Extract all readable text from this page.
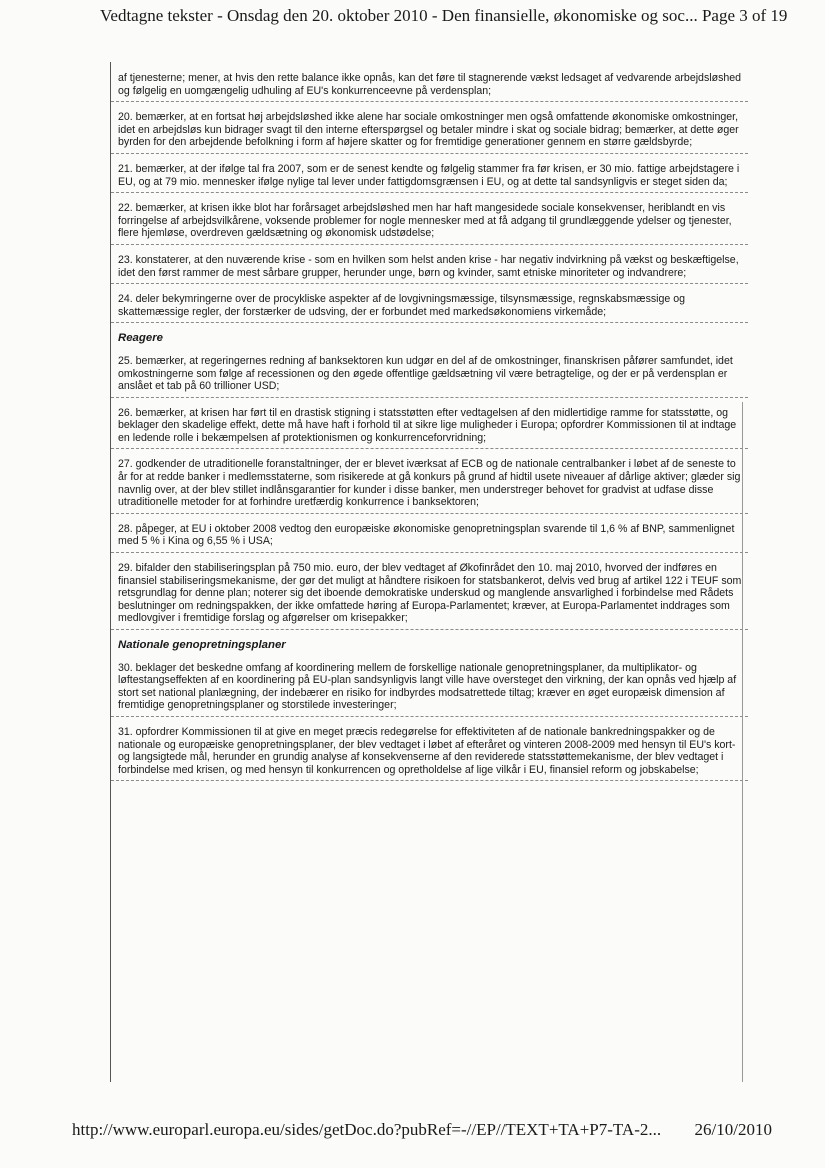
Vedtagne tekster - Onsdag den 20. oktober 2010 - Den finansielle, økonomiske og soc... Page 3 of 19
af tjenesterne; mener, at hvis den rette balance ikke opnås, kan det føre til stagnerende vækst ledsaget af vedvarende arbejdsløshed og følgelig en uomgængelig udhuling af EU's konkurrenceevne på verdensplan;
20. bemærker, at en fortsat høj arbejdsløshed ikke alene har sociale omkostninger men også omfattende økonomiske omkostninger, idet en arbejdsløs kun bidrager svagt til den interne efterspørgsel og betaler mindre i skat og sociale bidrag; bemærker, at dette øger byrden for den arbejdende befolkning i form af højere skatter og for fremtidige generationer gennem en større gældsbyrde;
21. bemærker, at der ifølge tal fra 2007, som er de senest kendte og følgelig stammer fra før krisen, er 30 mio. fattige arbejdstagere i EU, og at 79 mio. mennesker ifølge nylige tal lever under fattigdomsgrænsen i EU, og at dette tal sandsynligvis er steget siden da;
22. bemærker, at krisen ikke blot har forårsaget arbejdsløshed men har haft mangesidede sociale konsekvenser, heriblandt en vis forringelse af arbejdsvilkårene, voksende problemer for nogle mennesker med at få adgang til grundlæggende ydelser og tjenester, flere hjemløse, overdreven gældsætning og økonomisk udstødelse;
23. konstaterer, at den nuværende krise - som en hvilken som helst anden krise - har negativ indvirkning på vækst og beskæftigelse, idet den først rammer de mest sårbare grupper, herunder unge, børn og kvinder, samt etniske minoriteter og indvandrere;
24. deler bekymringerne over de procykliske aspekter af de lovgivningsmæssige, tilsynsmæssige, regnskabsmæssige og skattemæssige regler, der forstærker de udsving, der er forbundet med markedsøkonomiens virkemåde;
Reagere
25. bemærker, at regeringernes redning af banksektoren kun udgør en del af de omkostninger, finanskrisen påfører samfundet, idet omkostningerne som følge af recessionen og den øgede offentlige gældsætning vil være betragtelige, og der er på verdensplan er anslået et tab på 60 trillioner USD;
26. bemærker, at krisen har ført til en drastisk stigning i statsstøtten efter vedtagelsen af den midlertidige ramme for statsstøtte, og beklager den skadelige effekt, dette må have haft i forhold til at sikre lige muligheder i Europa; opfordrer Kommissionen til at indtage en ledende rolle i bekæmpelsen af protektionismen og konkurrenceforvridning;
27. godkender de utraditionelle foranstaltninger, der er blevet iværksat af ECB og de nationale centralbanker i løbet af de seneste to år for at redde banker i medlemsstaterne, som risikerede at gå konkurs på grund af hidtil usete niveauer af dårlige aktiver; glæder sig navnlig over, at der blev stillet indlånsgarantier for kunder i disse banker, men understreger behovet for gradvist at udfase disse utraditionelle metoder for at forhindre uretfærdig konkurrence i banksektoren;
28. påpeger, at EU i oktober 2008 vedtog den europæiske økonomiske genopretningsplan svarende til 1,6 % af BNP, sammenlignet med 5 % i Kina og 6,55 % i USA;
29. bifalder den stabiliseringsplan på 750 mio. euro, der blev vedtaget af Økofinrådet den 10. maj 2010, hvorved der indføres en finansiel stabiliseringsmekanisme, der gør det muligt at håndtere risikoen for statsbankerot, delvis ved brug af artikel 122 i TEUF som retsgrundlag for denne plan; noterer sig det iboende demokratiske underskud og manglende ansvarlighed i forbindelse med Rådets beslutninger om redningspakken, der ikke omfattede høring af Europa-Parlamentet; kræver, at Europa-Parlamentet inddrages som medlovgiver i fremtidige forslag og afgørelser om krisepakker;
Nationale genopretningsplaner
30. beklager det beskedne omfang af koordinering mellem de forskellige nationale genopretningsplaner, da multiplikator- og løftestangseffekten af en koordinering på EU-plan sandsynligvis langt ville have oversteget den virkning, der kan opnås ved hjælp af stort set national planlægning, der indebærer en risiko for indbyrdes modsatrettede tiltag; kræver en øget europæisk dimension af fremtidige genopretningsplaner og storstilede investeringer;
31. opfordrer Kommissionen til at give en meget præcis redegørelse for effektiviteten af de nationale bankredningspakker og de nationale og europæiske genopretningsplaner, der blev vedtaget i løbet af efteråret og vinteren 2008-2009 med hensyn til EU's kort- og langsigtede mål, herunder en grundig analyse af konsekvenserne af den reviderede statsstøttemekanisme, der blev vedtaget i forbindelse med krisen, og med hensyn til konkurrencen og opretholdelse af lige vilkår i EU, finansiel reform og jobskabelse;
http://www.europarl.europa.eu/sides/getDoc.do?pubRef=-//EP//TEXT+TA+P7-TA-2... 26/10/2010
